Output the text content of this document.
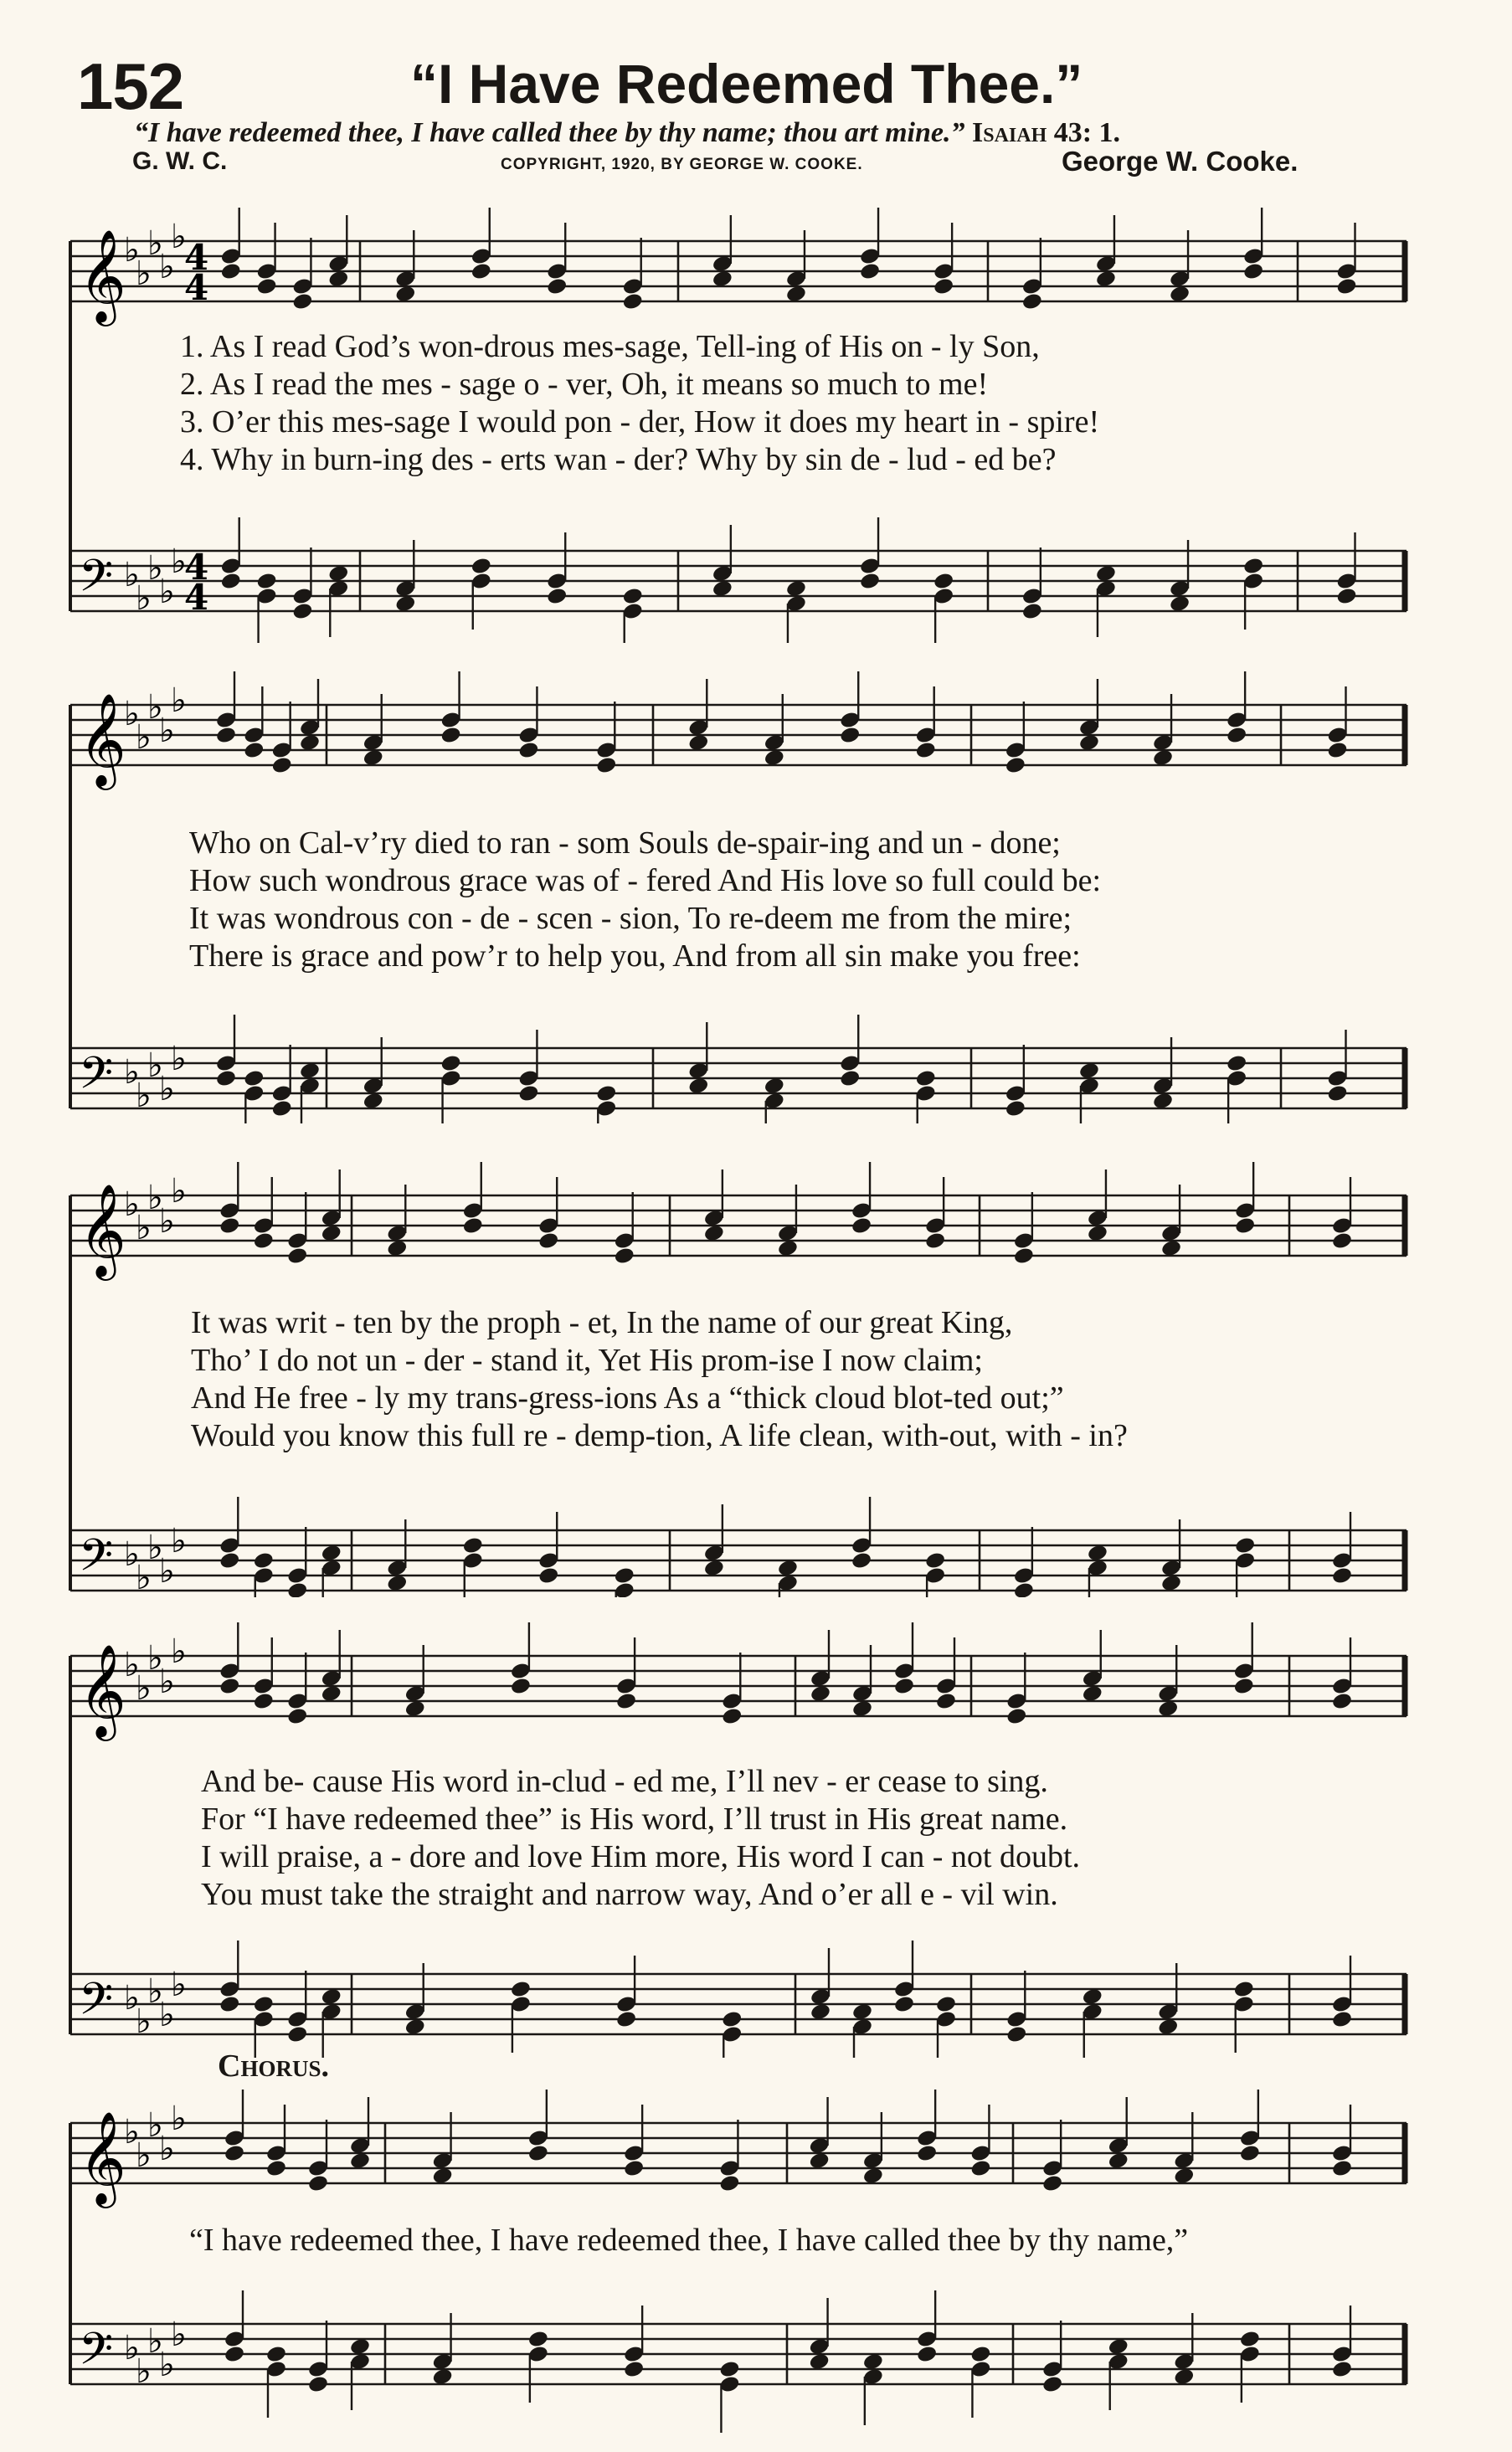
152	“I Have Redeemed Thee.”
“I have redeemed thee, I have called thee by thy name; thou art mine.” Isaiah 43: 1.
G. W. C.	COPYRIGHT, 1920, BY GEORGE W. COOKE.	George W. Cooke.
𝄞
♭
♭
♭
♭
♭
4
4
𝄢 ♭
♭
♭
♭
♭
4
4
1. As I read God’s won-drous mes-sage, Tell-ing of His on - ly Son,
2. As I read the mes - sage o - ver, Oh, it means so much to me!
3. O’er this mes-sage I would pon - der, How it does my heart in - spire!
4. Why in burn-ing des - erts wan - der? Why by sin de - lud - ed be?
𝄞
♭
♭
♭
♭
♭
𝄢 ♭
♭
♭
♭
♭
Who on Cal-v’ry died to ran - som Souls de-spair-ing and un - done;
How such wondrous grace was of - fered And His love so full could be:
It was wondrous con - de - scen - sion, To re-deem me from the mire;
There is grace and pow’r to help you, And from all sin make you free:
𝄞
♭
♭
♭
♭
♭
𝄢 ♭
♭
♭
♭
♭
It was writ - ten by the proph - et, In the name of our great King,
Tho’ I do not un - der - stand it, Yet His prom-ise I now claim;
And He free - ly my trans-gress-ions As a “thick cloud blot-ted out;”
Would you know this full re - demp-tion, A life clean, with-out, with - in?
𝄞
♭
♭
♭
♭
♭
𝄢 ♭
♭
♭
♭
♭
And be- cause His word in-clud - ed me, I’ll nev - er cease to sing.
For “I have redeemed thee” is His word, I’ll trust in His great name.
I will praise, a - dore and love Him more, His word I can - not doubt.
You must take the straight and narrow way, And o’er all e - vil win.
Chorus.
𝄞
♭
♭
♭
♭
♭
𝄢 ♭
♭
♭
♭
♭
“I have redeemed thee, I have redeemed thee, I have called thee by thy name,”
